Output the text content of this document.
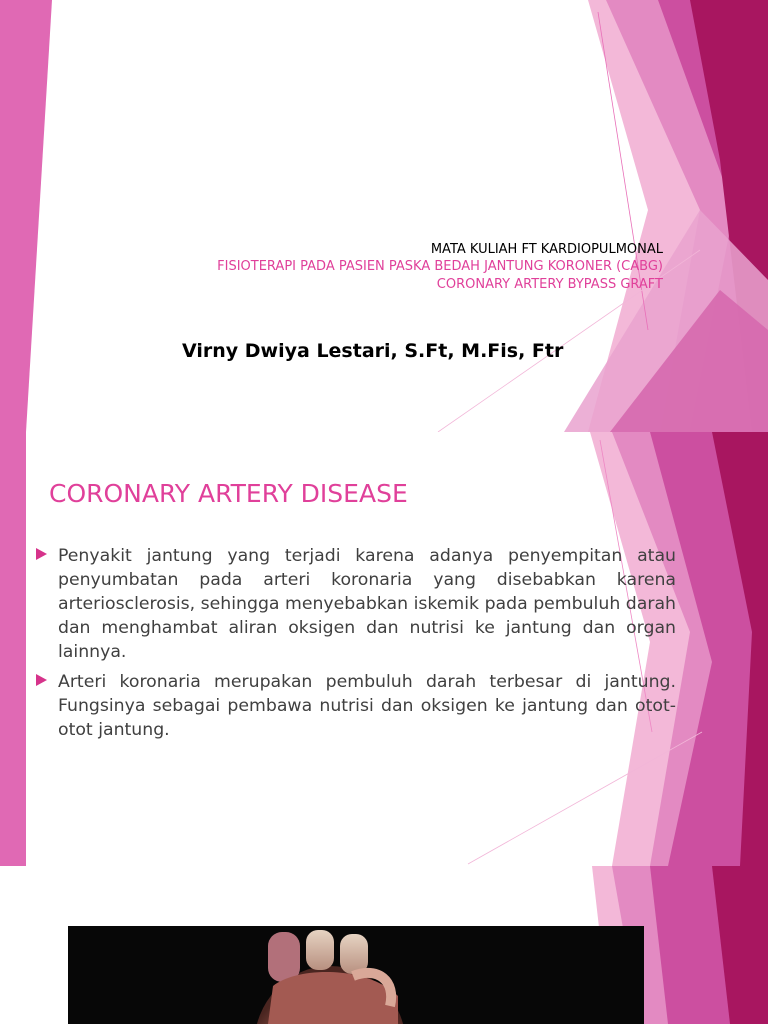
MATA KULIAH FT KARDIOPULMONAL
FISIOTERAPI PADA PASIEN PASKA BEDAH JANTUNG KORONER (CABG)
CORONARY ARTERY BYPASS GRAFT
Virny Dwiya Lestari, S.Ft, M.Fis, Ftr
CORONARY ARTERY DISEASE
Penyakit jantung yang terjadi karena adanya penyempitan atau penyumbatan pada arteri koronaria yang disebabkan karena arteriosclerosis, sehingga menyebabkan iskemik pada pembuluh darah dan menghambat aliran oksigen dan nutrisi ke jantung dan organ lainnya.
Arteri koronaria merupakan pembuluh darah terbesar di jantung. Fungsinya sebagai pembawa nutrisi dan oksigen ke jantung dan otot-otot jantung.
